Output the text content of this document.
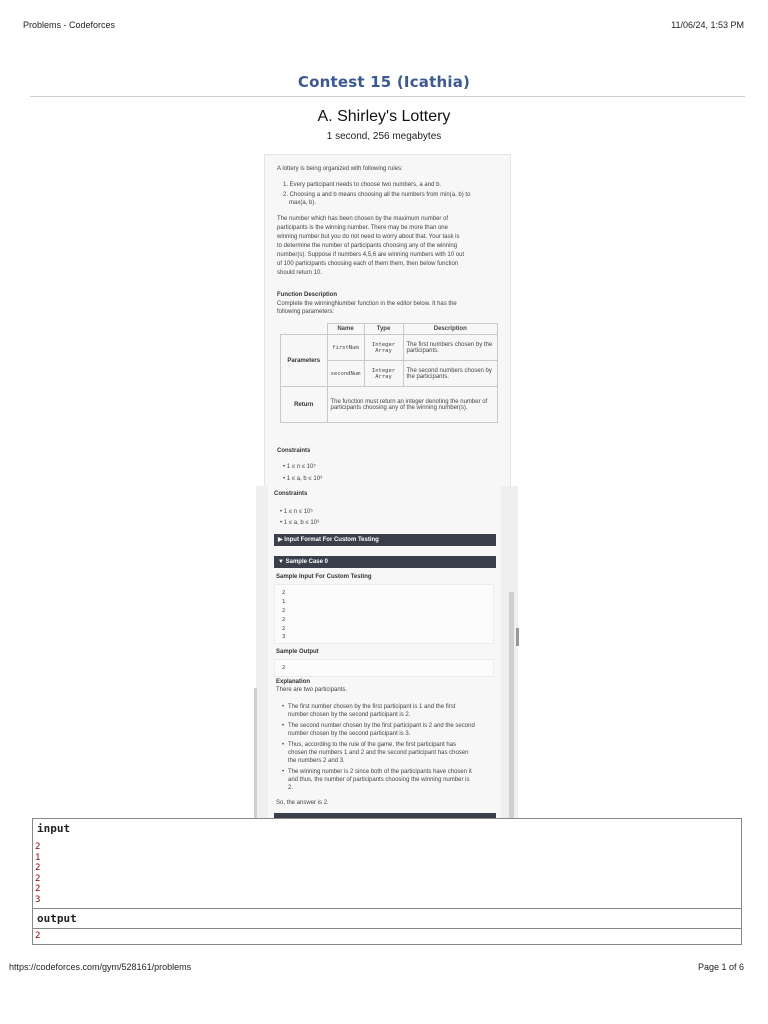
Problems - Codeforces	11/06/24, 1:53 PM
Contest 15 (Icathia)
A. Shirley's Lottery
1 second, 256 megabytes
A lottery is being organized with following rules:
1. Every participant needs to choose two numbers, a and b.
2. Choosing a and b means choosing all the numbers from min(a, b) to
max(a, b).
The number which has been chosen by the maximum number of
participants is the winning number. There may be more than one
winning number but you do not need to worry about that. Your task is
to determine the number of participants choosing any of the winning
number(s). Suppose if numbers 4,5,6 are winning numbers with 10 out
of 100 participants choosing each of them them, then below function
should return 10.
Function Description
Complete the winningNumber function in the editor below. It has the
following parameters:
	Name	Type	Description
Parameters	firstNum	Integer Array	The first numbers chosen by the participants.
	secondNum	Integer Array	The second numbers chosen by the participants.
Return	The function must return an integer denoting the number of participants choosing any of the winning number(s).		
Constraints
• 1 ≤ n ≤ 10⁵
• 1 ≤ a, b ≤ 10⁹
Constraints
• 1 ≤ n ≤ 10⁵
• 1 ≤ a, b ≤ 10⁹
▶ Input Format For Custom Testing
▼ Sample Case 0
Sample Input For Custom Testing
2
1
2
2
2
3
Sample Output
2
Explanation
There are two participants.
• The first number chosen by the first participant is 1 and the first
number chosen by the second participant is 2.
• The second number chosen by the first participant is 2 and the second
number chosen by the second participant is 3.
• Thus, according to the rule of the game, the first participant has
chosen the numbers 1 and 2 and the second participant has chosen
the numbers 2 and 3.
• The winning number is 2 since both of the participants have chosen it
and thus, the number of participants choosing the winning number is
2.
So, the answer is 2.
input
2
1
2
2
2
3
output
2
https://codeforces.com/gym/528161/problems	Page 1 of 6
